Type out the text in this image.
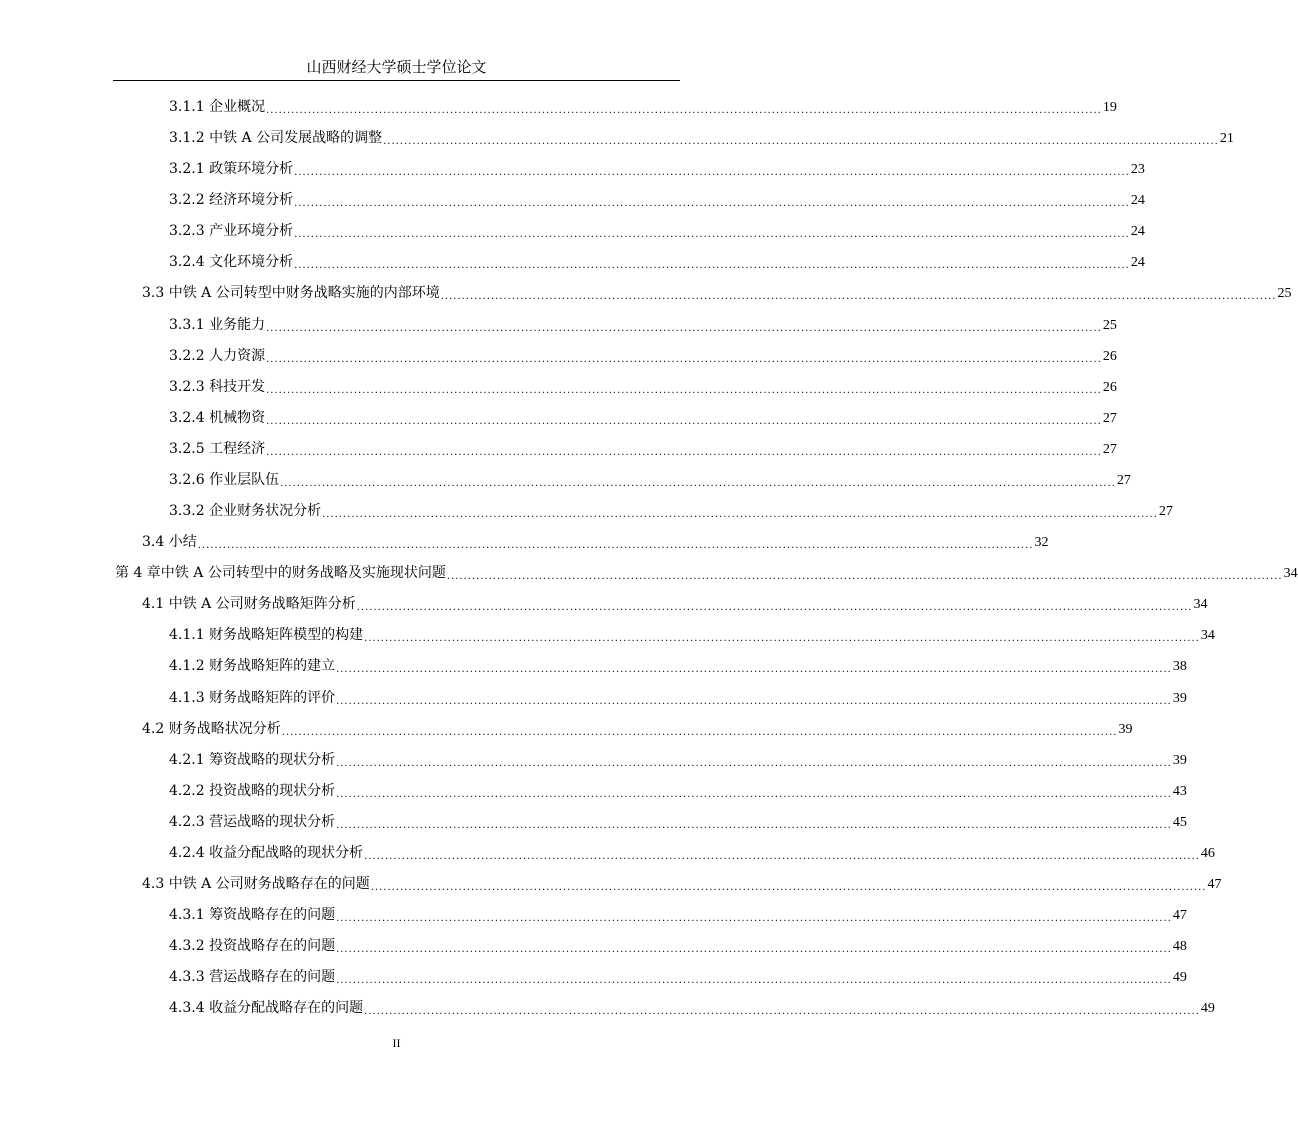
山西财经大学硕士学位论文
3.1.1 企业概况 ........................................................................................................................................................................................................ 19
3.1.2 中铁 A 公司发展战略的调整 ........................................................................................................................................................................................................ 21
3.2.1 政策环境分析 ........................................................................................................................................................................................................ 23
3.2.2 经济环境分析 ........................................................................................................................................................................................................ 24
3.2.3 产业环境分析 ........................................................................................................................................................................................................ 24
3.2.4 文化环境分析 ........................................................................................................................................................................................................ 24
3.3 中铁 A 公司转型中财务战略实施的内部环境 ........................................................................................................................................................................................................ 25
3.3.1 业务能力 ........................................................................................................................................................................................................ 25
3.2.2 人力资源 ........................................................................................................................................................................................................ 26
3.2.3 科技开发 ........................................................................................................................................................................................................ 26
3.2.4 机械物资 ........................................................................................................................................................................................................ 27
3.2.5 工程经济 ........................................................................................................................................................................................................ 27
3.2.6 作业层队伍 ........................................................................................................................................................................................................ 27
3.3.2 企业财务状况分析 ........................................................................................................................................................................................................ 27
3.4 小结 ........................................................................................................................................................................................................ 32
第 4 章中铁 A 公司转型中的财务战略及实施现状问题 ........................................................................................................................................................................................................ 34
4.1 中铁 A 公司财务战略矩阵分析 ........................................................................................................................................................................................................ 34
4.1.1 财务战略矩阵模型的构建 ........................................................................................................................................................................................................ 34
4.1.2 财务战略矩阵的建立 ........................................................................................................................................................................................................ 38
4.1.3 财务战略矩阵的评价 ........................................................................................................................................................................................................ 39
4.2 财务战略状况分析 ........................................................................................................................................................................................................ 39
4.2.1 筹资战略的现状分析 ........................................................................................................................................................................................................ 39
4.2.2 投资战略的现状分析 ........................................................................................................................................................................................................ 43
4.2.3 营运战略的现状分析 ........................................................................................................................................................................................................ 45
4.2.4 收益分配战略的现状分析 ........................................................................................................................................................................................................ 46
4.3 中铁 A 公司财务战略存在的问题 ........................................................................................................................................................................................................ 47
4.3.1 筹资战略存在的问题 ........................................................................................................................................................................................................ 47
4.3.2 投资战略存在的问题 ........................................................................................................................................................................................................ 48
4.3.3 营运战略存在的问题 ........................................................................................................................................................................................................ 49
4.3.4 收益分配战略存在的问题 ........................................................................................................................................................................................................ 49
II
